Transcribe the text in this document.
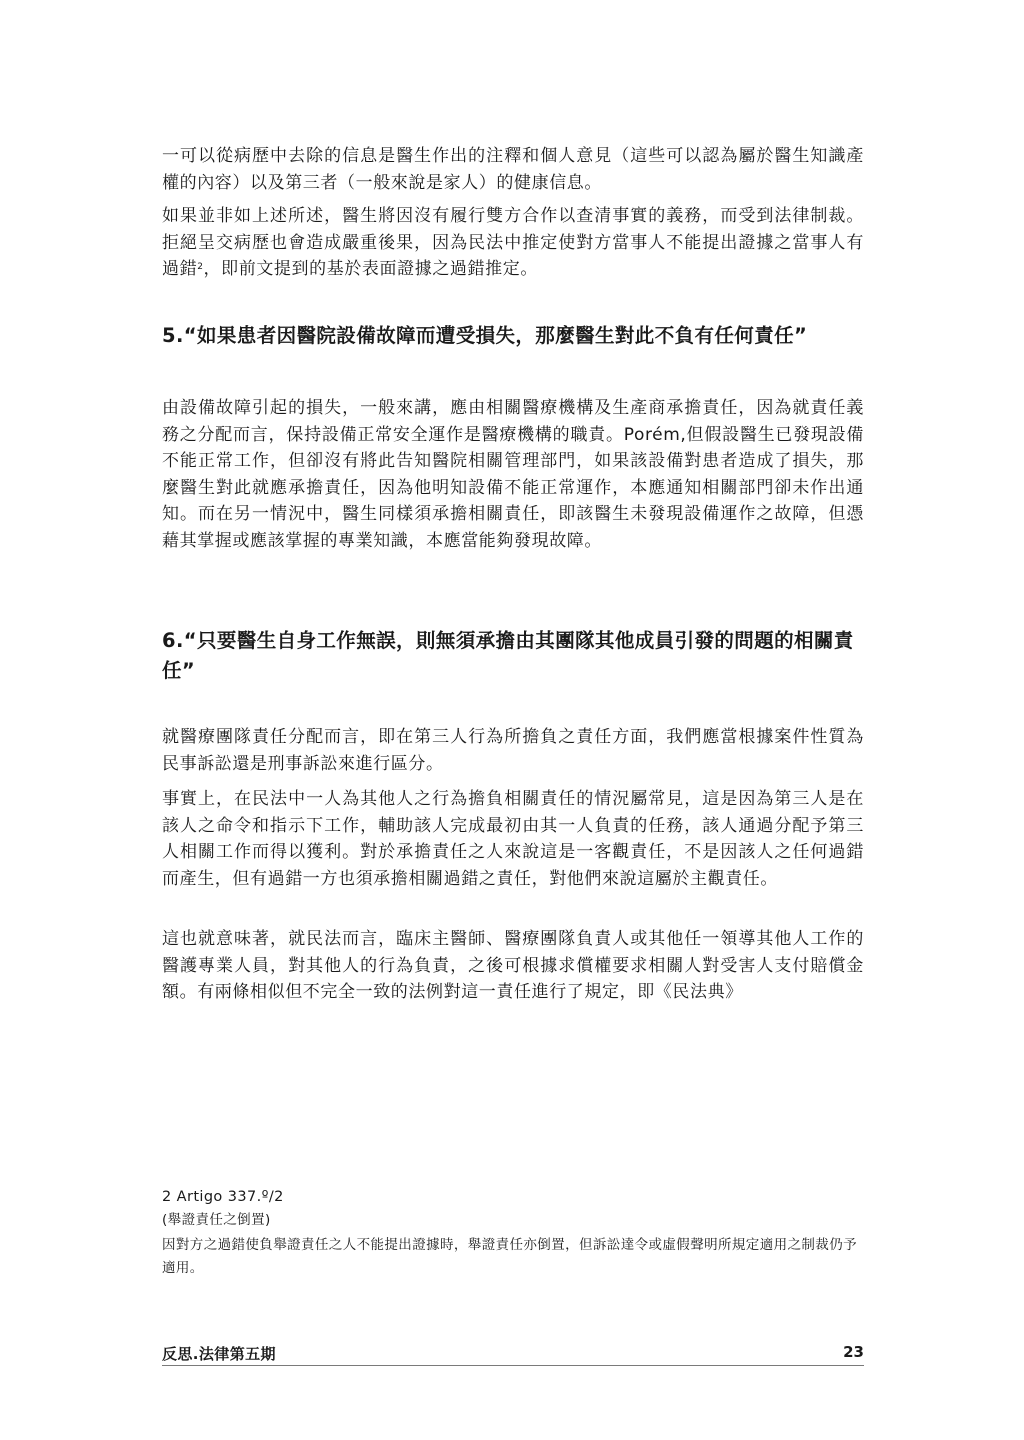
一可以從病歷中去除的信息是醫生作出的注釋和個人意見（這些可以認為屬於醫生知識產權的內容）以及第三者（一般來說是家人）的健康信息。

如果並非如上述所述，醫生將因沒有履行雙方合作以查清事實的義務，而受到法律制裁。拒絕呈交病歷也會造成嚴重後果，因為民法中推定使對方當事人不能提出證據之當事人有過錯$^2$，即前文提到的基於表面證據之過錯推定。

5.“如果患者因醫院設備故障而遭受損失，那麼醫生對此不負有任何責任”

由設備故障引起的損失，一般來講，應由相關醫療機構及生產商承擔責任，因為就責任義務之分配而言，保持設備正常安全運作是醫療機構的職責。Porém,但假設醫生已發現設備不能正常工作，但卻沒有將此告知醫院相關管理部門，如果該設備對患者造成了損失，那麼醫生對此就應承擔責任，因為他明知設備不能正常運作，本應通知相關部門卻未作出通知。而在另一情況中，醫生同樣須承擔相關責任，即該醫生未發現設備運作之故障，但憑藉其掌握或應該掌握的專業知識，本應當能夠發現故障。

6.“只要醫生自身工作無誤，則無須承擔由其團隊其他成員引發的問題的相關責任”

就醫療團隊責任分配而言，即在第三人行為所擔負之責任方面，我們應當根據案件性質為民事訴訟還是刑事訴訟來進行區分。

事實上，在民法中一人為其他人之行為擔負相關責任的情況屬常見，這是因為第三人是在該人之命令和指示下工作，輔助該人完成最初由其一人負責的任務，該人通過分配予第三人相關工作而得以獲利。對於承擔責任之人來說這是一客觀責任，不是因該人之任何過錯而產生，但有過錯一方也須承擔相關過錯之責任，對他們來說這屬於主觀責任。

這也就意味著，就民法而言，臨床主醫師、醫療團隊負責人或其他任一領導其他人工作的醫護專業人員，對其他人的行為負責，之後可根據求償權要求相關人對受害人支付賠償金額。有兩條相似但不完全一致的法例對這一責任進行了規定，即《民法典》

2 Artigo 337.º/2

(舉證責任之倒置)

因對方之過錯使負舉證責任之人不能提出證據時，舉證責任亦倒置，但訴訟達令或虛假聲明所規定適用之制裁仍予適用。

反思.法律第五期	23
